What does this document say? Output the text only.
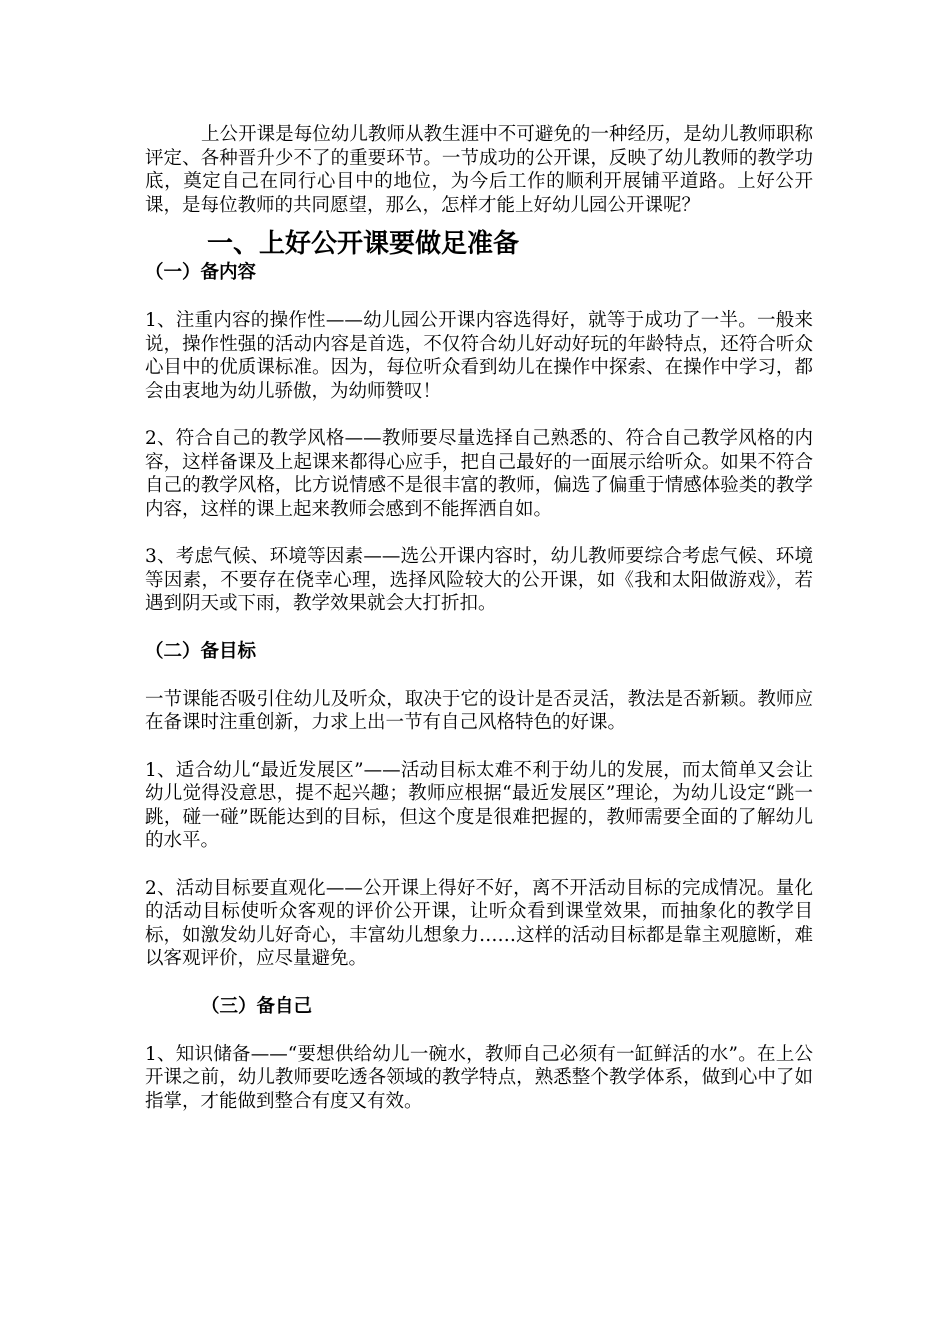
上公开课是每位幼儿教师从教生涯中不可避免的一种经历，是幼儿教师职称评定、各种晋升少不了的重要环节。一节成功的公开课，反映了幼儿教师的教学功底，奠定自己在同行心目中的地位，为今后工作的顺利开展铺平道路。上好公开课，是每位教师的共同愿望，那么，怎样才能上好幼儿园公开课呢？

一、上好公开课要做足准备
（一）备内容

1、注重内容的操作性——幼儿园公开课内容选得好，就等于成功了一半。一般来说，操作性强的活动内容是首选，不仅符合幼儿好动好玩的年龄特点，还符合听众心目中的优质课标准。因为，每位听众看到幼儿在操作中探索、在操作中学习，都会由衷地为幼儿骄傲，为幼师赞叹！

2、符合自己的教学风格——教师要尽量选择自己熟悉的、符合自己教学风格的内容，这样备课及上起课来都得心应手，把自己最好的一面展示给听众。如果不符合自己的教学风格，比方说情感不是很丰富的教师，偏选了偏重于情感体验类的教学内容，这样的课上起来教师会感到不能挥洒自如。

3、考虑气候、环境等因素——选公开课内容时，幼儿教师要综合考虑气候、环境等因素，不要存在侥幸心理，选择风险较大的公开课，如《我和太阳做游戏》，若遇到阴天或下雨，教学效果就会大打折扣。

（二）备目标

一节课能否吸引住幼儿及听众，取决于它的设计是否灵活，教法是否新颖。教师应在备课时注重创新，力求上出一节有自己风格特色的好课。

1、适合幼儿“最近发展区”——活动目标太难不利于幼儿的发展，而太简单又会让幼儿觉得没意思，提不起兴趣；教师应根据“最近发展区”理论，为幼儿设定“跳一跳，碰一碰”既能达到的目标，但这个度是很难把握的，教师需要全面的了解幼儿的水平。

2、活动目标要直观化——公开课上得好不好，离不开活动目标的完成情况。量化的活动目标使听众客观的评价公开课，让听众看到课堂效果，而抽象化的教学目标，如激发幼儿好奇心，丰富幼儿想象力……这样的活动目标都是靠主观臆断，难以客观评价，应尽量避免。

（三）备自己

1、知识储备——“要想供给幼儿一碗水，教师自己必须有一缸鲜活的水”。在上公开课之前，幼儿教师要吃透各领域的教学特点，熟悉整个教学体系，做到心中了如指掌，才能做到整合有度又有效。
